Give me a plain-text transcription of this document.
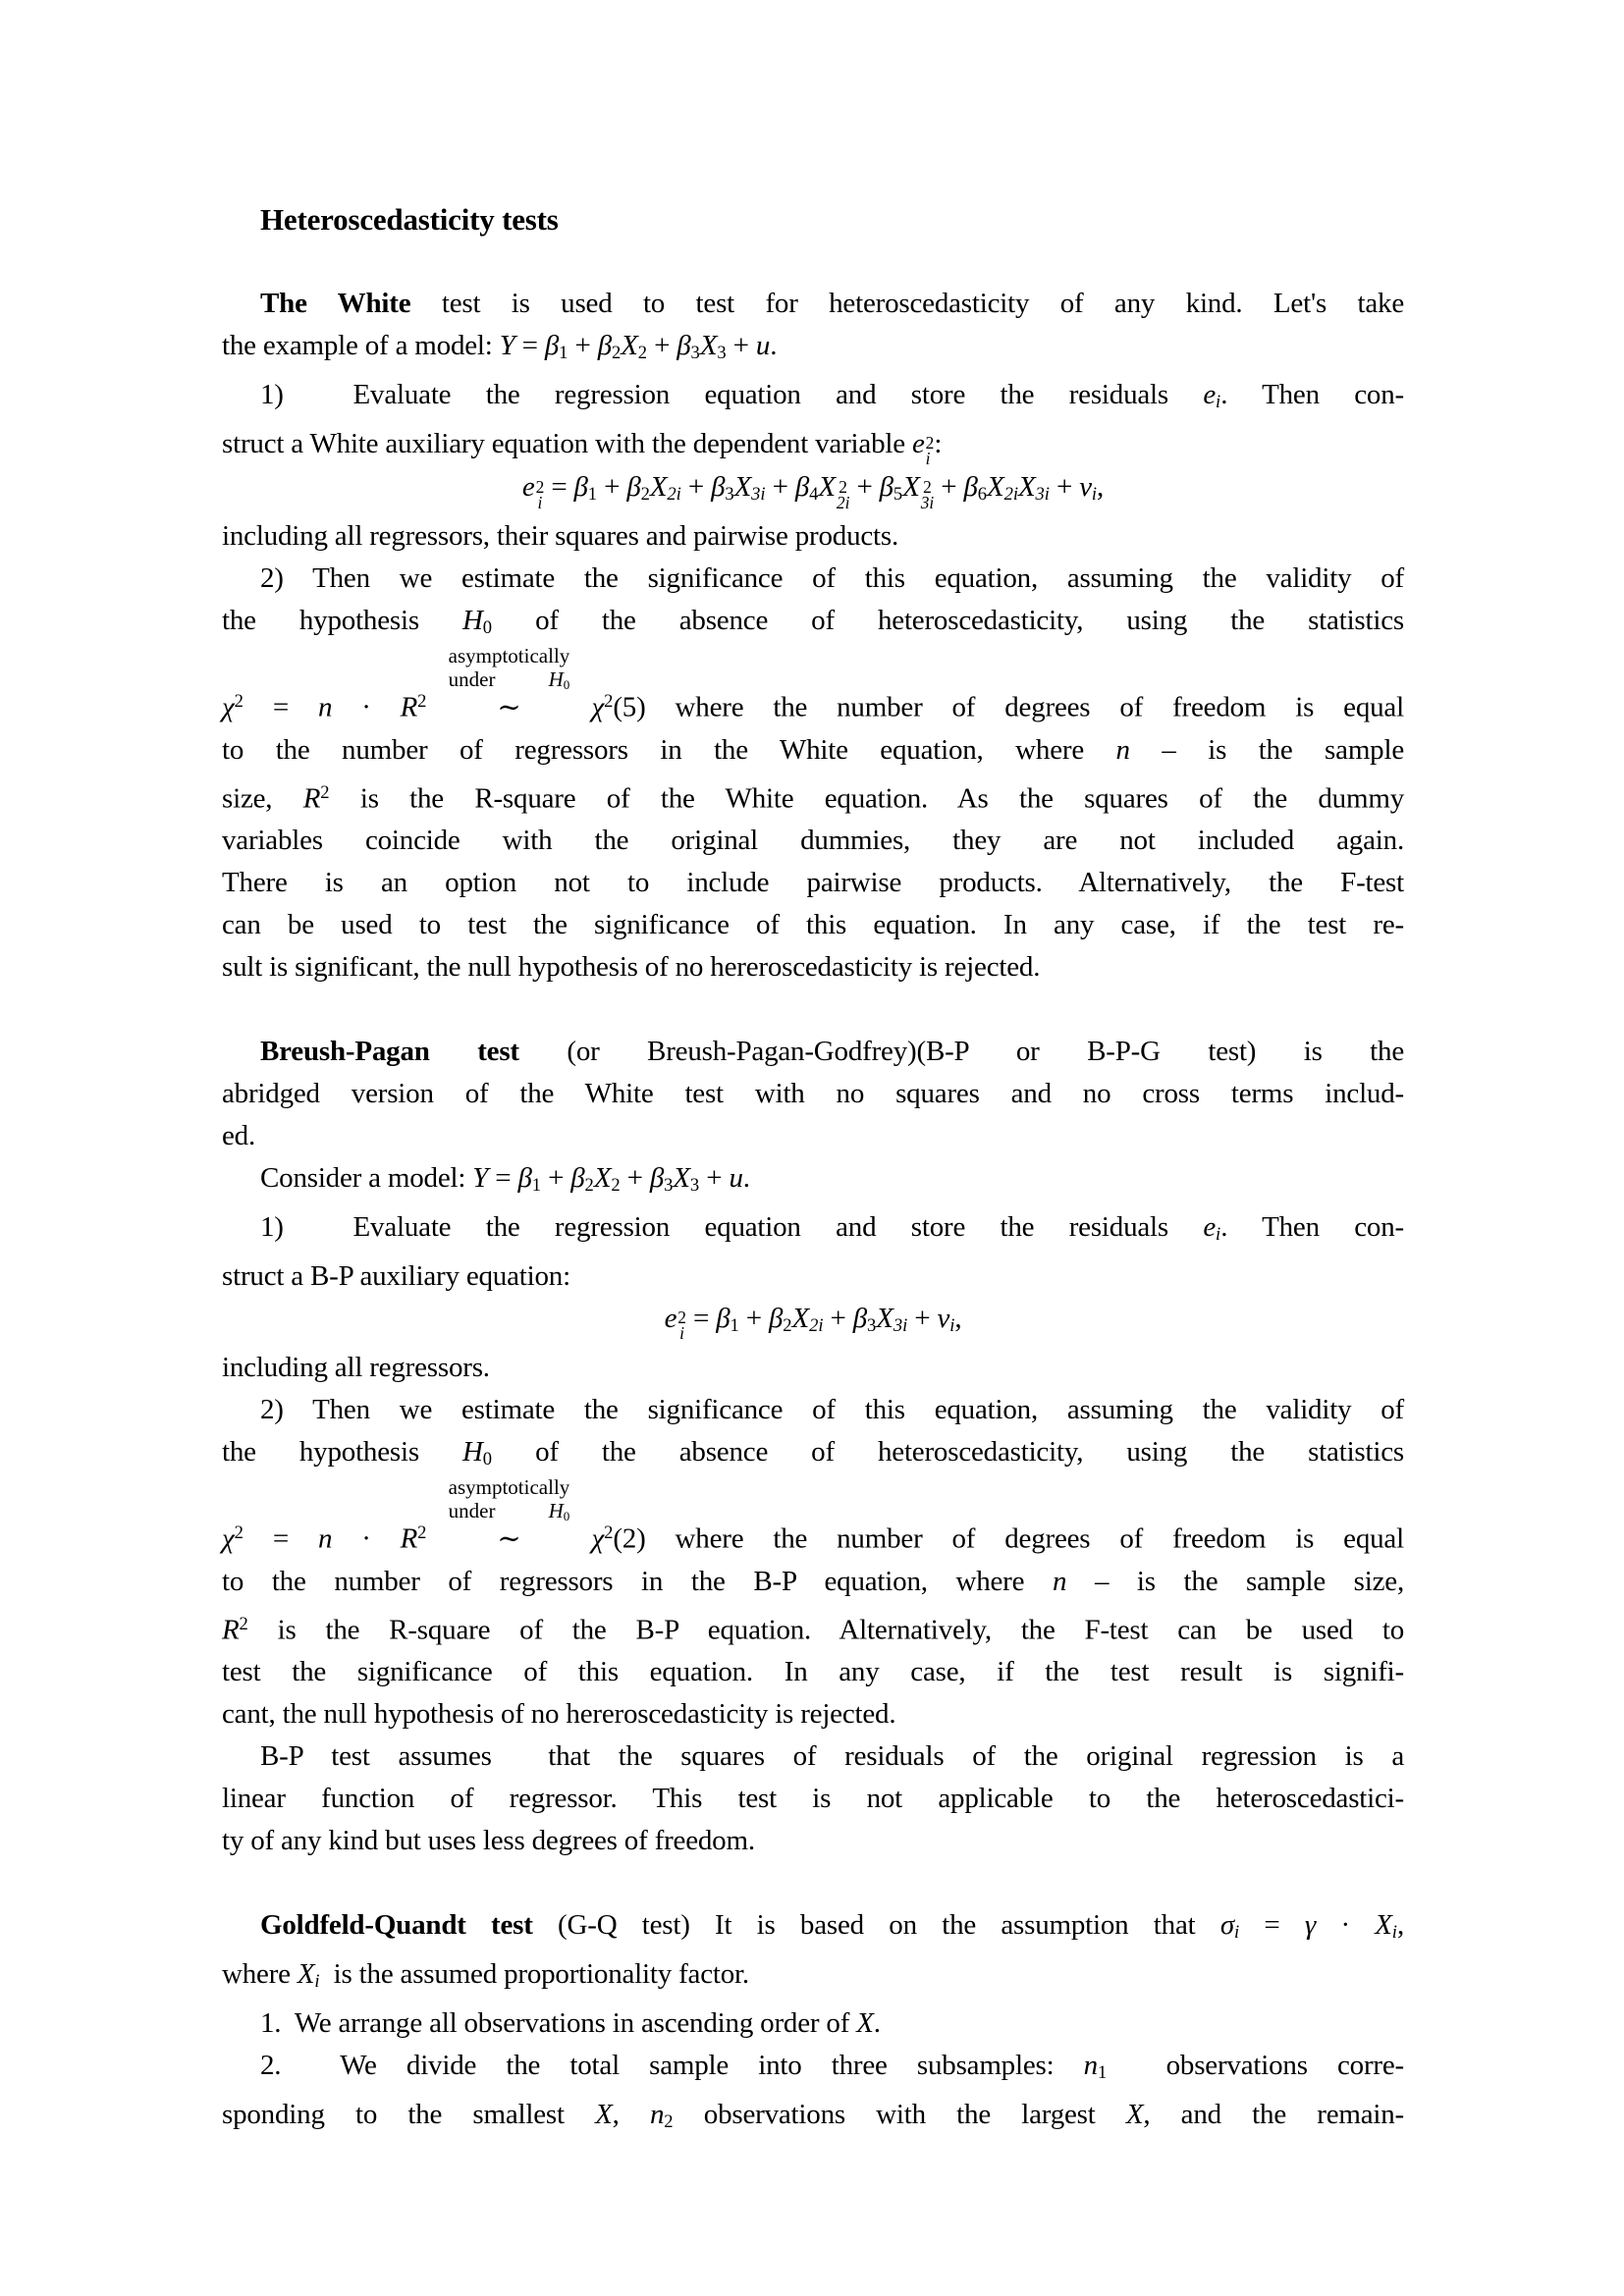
Heteroscedasticity tests
The White test is used to test for heteroscedasticity of any kind. Let's take
the example of a model: $Y = \beta_1 + \beta_2X_2 + \beta_3X_3 + u$.
1)  Evaluate the regression equation and store the residuals ei. Then con-
struct a White auxiliary equation with the dependent variable e 2
i :
e 2
$i = \beta_1 + \beta_2X2i + \beta_3X3i + \beta_4X$ 2
$2i + \beta_5X$ 2
$3i + \beta_6X2iX3i$ + vi,
including all regressors, their squares and pairwise products.
2) Then we estimate the significance of this equation, assuming the validity of
the hypothesis $H_0$ of the absence of heteroscedasticity, using the statistics
$\chi^2 = n \cdot R^2$
asymptotically
under $H_0$
∼ $\chi^2(5)$ where the number of degrees of freedom is equal
to the number of regressors in the White equation, where n – is the sample
size, $R^2$ is the R-square of the White equation. As the squares of the dummy
variables coincide with the original dummies, they are not included again.
There is an option not to include pairwise products. Alternatively, the F-test
can be used to test the significance of this equation. In any case, if the test re-
sult is significant, the null hypothesis of no hereroscedasticity is rejected.
Breush-Pagan test (or Breush-Pagan-Godfrey)(B-P or B-P-G test) is the
abridged version of the White test with no squares and no cross terms includ-
ed.
Consider a model: $Y = \beta_1 + \beta_2X_2 + \beta_3X_3 + u$.
1)  Evaluate the regression equation and store the residuals ei. Then con-
struct a B-P auxiliary equation:
e 2
$i = \beta_1 + \beta_2X2i + \beta_3X3i$ + vi,
including all regressors.
2) Then we estimate the significance of this equation, assuming the validity of
the hypothesis $H_0$ of the absence of heteroscedasticity, using the statistics
$\chi^2 = n \cdot R^2$
asymptotically
under $H_0$
∼ $\chi^2(2)$ where the number of degrees of freedom is equal
to the number of regressors in the B-P equation, where n – is the sample size,
$R^2$ is the R-square of the B-P equation. Alternatively, the F-test can be used to
test the significance of this equation. In any case, if the test result is signifi-
cant, the null hypothesis of no hereroscedasticity is rejected.
B-P test assumes  that the squares of residuals of the original regression is a
linear function of regressor. This test is not applicable to the heteroscedastici-
ty of any kind but uses less degrees of freedom.
Goldfeld-Quandt test (G-Q test) It is based on the assumption that σi = γ · Xi,
where Xi  is the assumed proportionality factor.
1.  We arrange all observations in ascending order of X.
2.  We divide the total sample into three subsamples: $n_1$  observations corre-
sponding to the smallest X, $n_2$ observations with the largest X, and the remain-
